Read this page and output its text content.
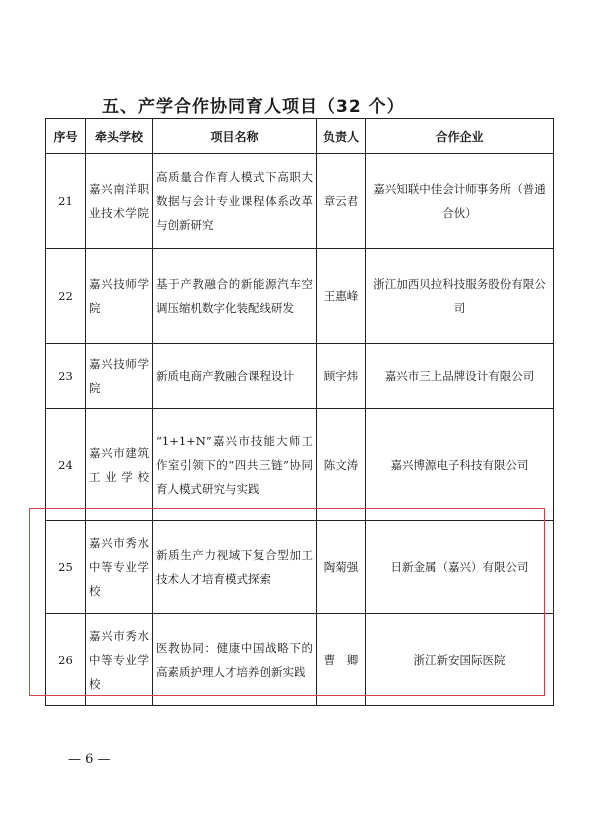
五、产学合作协同育人项目（32 个）
序号	牵头学校	项目名称	负责人	合作企业
21	嘉兴南洋职业技术学院	高质量合作育人模式下高职大数据与会计专业课程体系改革与创新研究	章云君	嘉兴知联中佳会计师事务所（普通合伙）
22	嘉兴技师学院	基于产教融合的新能源汽车空调压缩机数字化装配线研发	王惠峰	浙江加西贝拉科技服务股份有限公司
23	嘉兴技师学院	新质电商产教融合课程设计	顾宇炜	嘉兴市三上品牌设计有限公司
24	嘉兴市建筑工业学校	“1+1+N”嘉兴市技能大师工作室引领下的“四共三链”协同育人模式研究与实践	陈文涛	嘉兴博源电子科技有限公司
25	嘉兴市秀水中等专业学校	新质生产力视域下复合型加工技术人才培育模式探索	陶菊强	日新金属（嘉兴）有限公司
26	嘉兴市秀水中等专业学校	医教协同：健康中国战略下的高素质护理人才培养创新实践	曹　卿	浙江新安国际医院
— 6 —
